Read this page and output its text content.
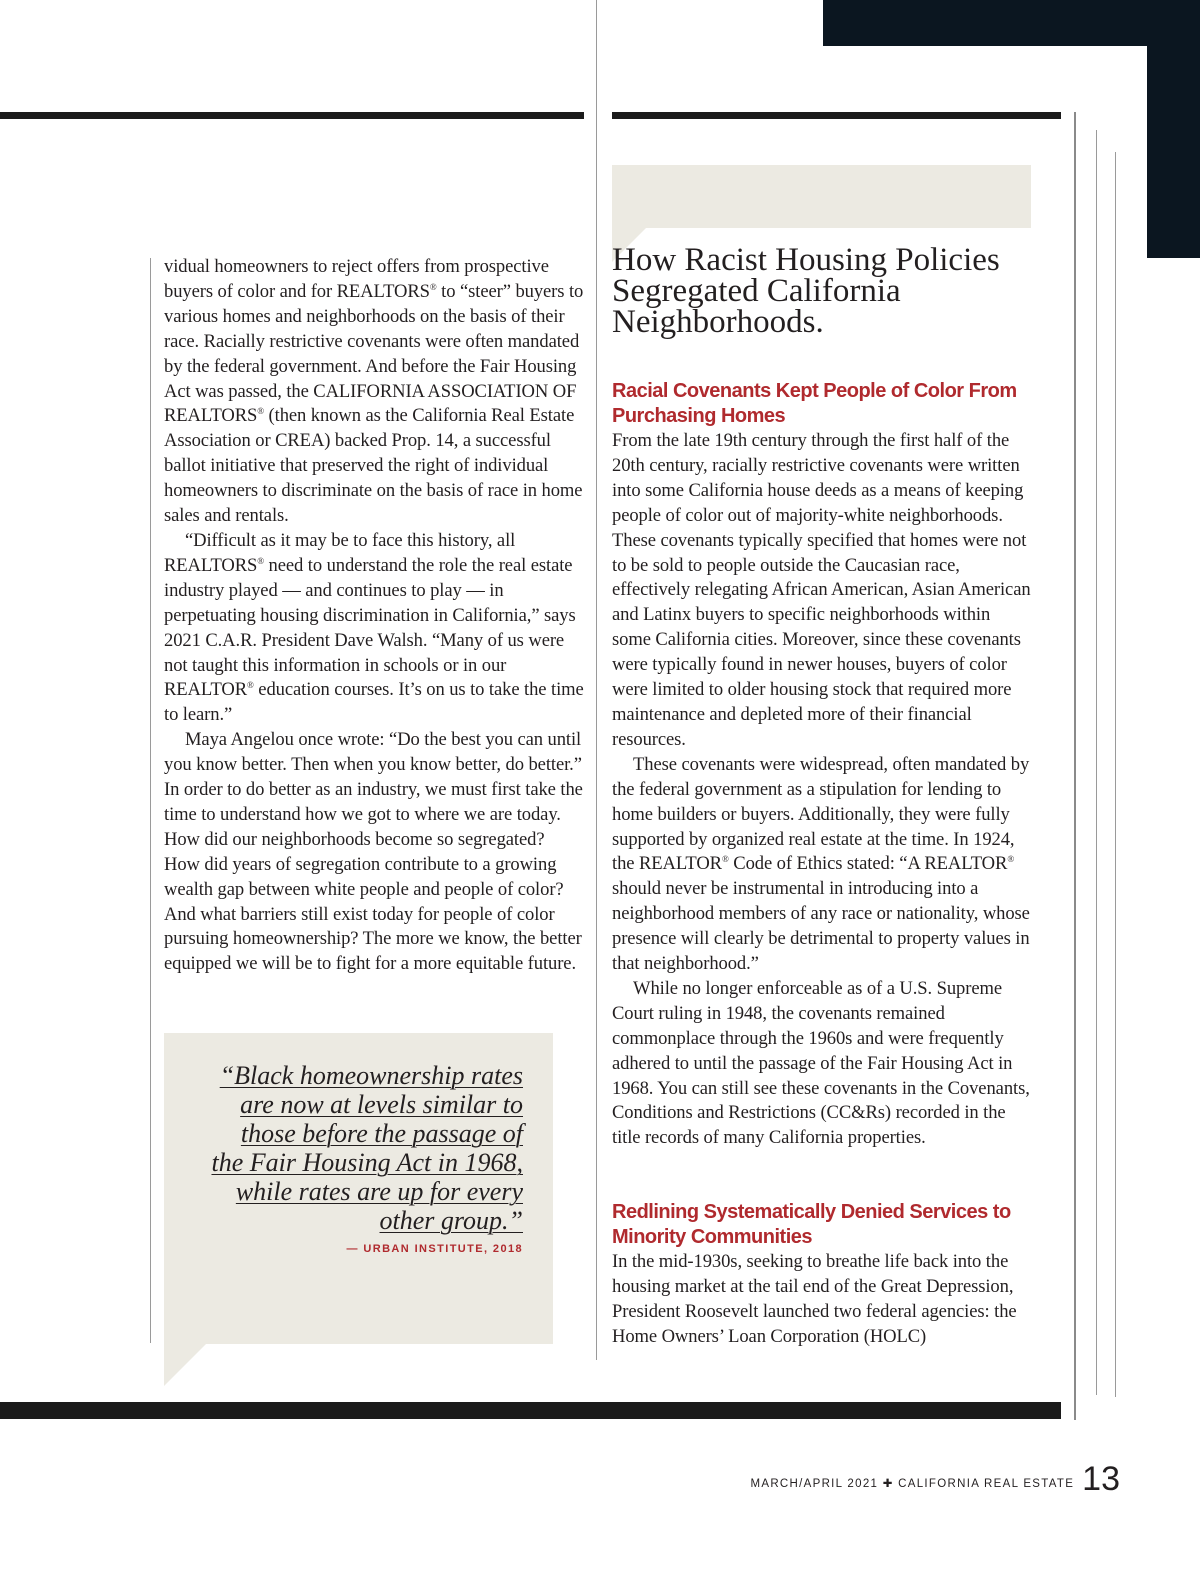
vidual homeowners to reject offers from prospective buyers of color and for REALTORS® to “steer” buyers to various homes and neighborhoods on the basis of their race. Racially restrictive covenants were often mandated by the federal government. And before the Fair Housing Act was passed, the CALIFORNIA ASSOCIATION OF REALTORS® (then known as the California Real Estate Association or CREA) backed Prop. 14, a successful ballot initiative that preserved the right of individual homeowners to discriminate on the basis of race in home sales and rentals.

“Difficult as it may be to face this history, all REALTORS® need to understand the role the real estate industry played — and continues to play — in perpetuating housing discrimination in California,” says 2021 C.A.R. President Dave Walsh. “Many of us were not taught this information in schools or in our REALTOR® education courses. It’s on us to take the time to learn.”

Maya Angelou once wrote: “Do the best you can until you know better. Then when you know better, do better.” In order to do better as an industry, we must first take the time to understand how we got to where we are today. How did our neighborhoods become so segregated? How did years of segregation contribute to a growing wealth gap between white people and people of color? And what barriers still exist today for people of color pursuing homeownership? The more we know, the better equipped we will be to fight for a more equitable future.

“Black homeownership rates are now at levels similar to those before the passage of the Fair Housing Act in 1968, while rates are up for every other group.”

— URBAN INSTITUTE, 2018

How Racist Housing Policies Segregated California Neighborhoods.
Racial Covenants Kept People of Color From Purchasing Homes

From the late 19th century through the first half of the 20th century, racially restrictive covenants were written into some California house deeds as a means of keeping people of color out of majority-white neighborhoods. These covenants typically specified that homes were not to be sold to people outside the Caucasian race, effectively relegating African American, Asian American and Latinx buyers to specific neighborhoods within some California cities. Moreover, since these covenants were typically found in newer houses, buyers of color were limited to older housing stock that required more maintenance and depleted more of their financial resources.

These covenants were widespread, often mandated by the federal government as a stipulation for lending to home builders or buyers. Additionally, they were fully supported by organized real estate at the time. In 1924, the REALTOR® Code of Ethics stated: “A REALTOR® should never be instrumental in introducing into a neighborhood members of any race or nationality, whose presence will clearly be detrimental to property values in that neighborhood.”

While no longer enforceable as of a U.S. Supreme Court ruling in 1948, the covenants remained commonplace through the 1960s and were frequently adhered to until the passage of the Fair Housing Act in 1968. You can still see these covenants in the Covenants, Conditions and Restrictions (CC&Rs) recorded in the title records of many California properties.

Redlining Systematically Denied Services to Minority Communities

In the mid-1930s, seeking to breathe life back into the housing market at the tail end of the Great Depression, President Roosevelt launched two federal agencies: the Home Owners’ Loan Corporation (HOLC)

MARCH/APRIL 2021 ✚ CALIFORNIA REAL ESTATE 13
